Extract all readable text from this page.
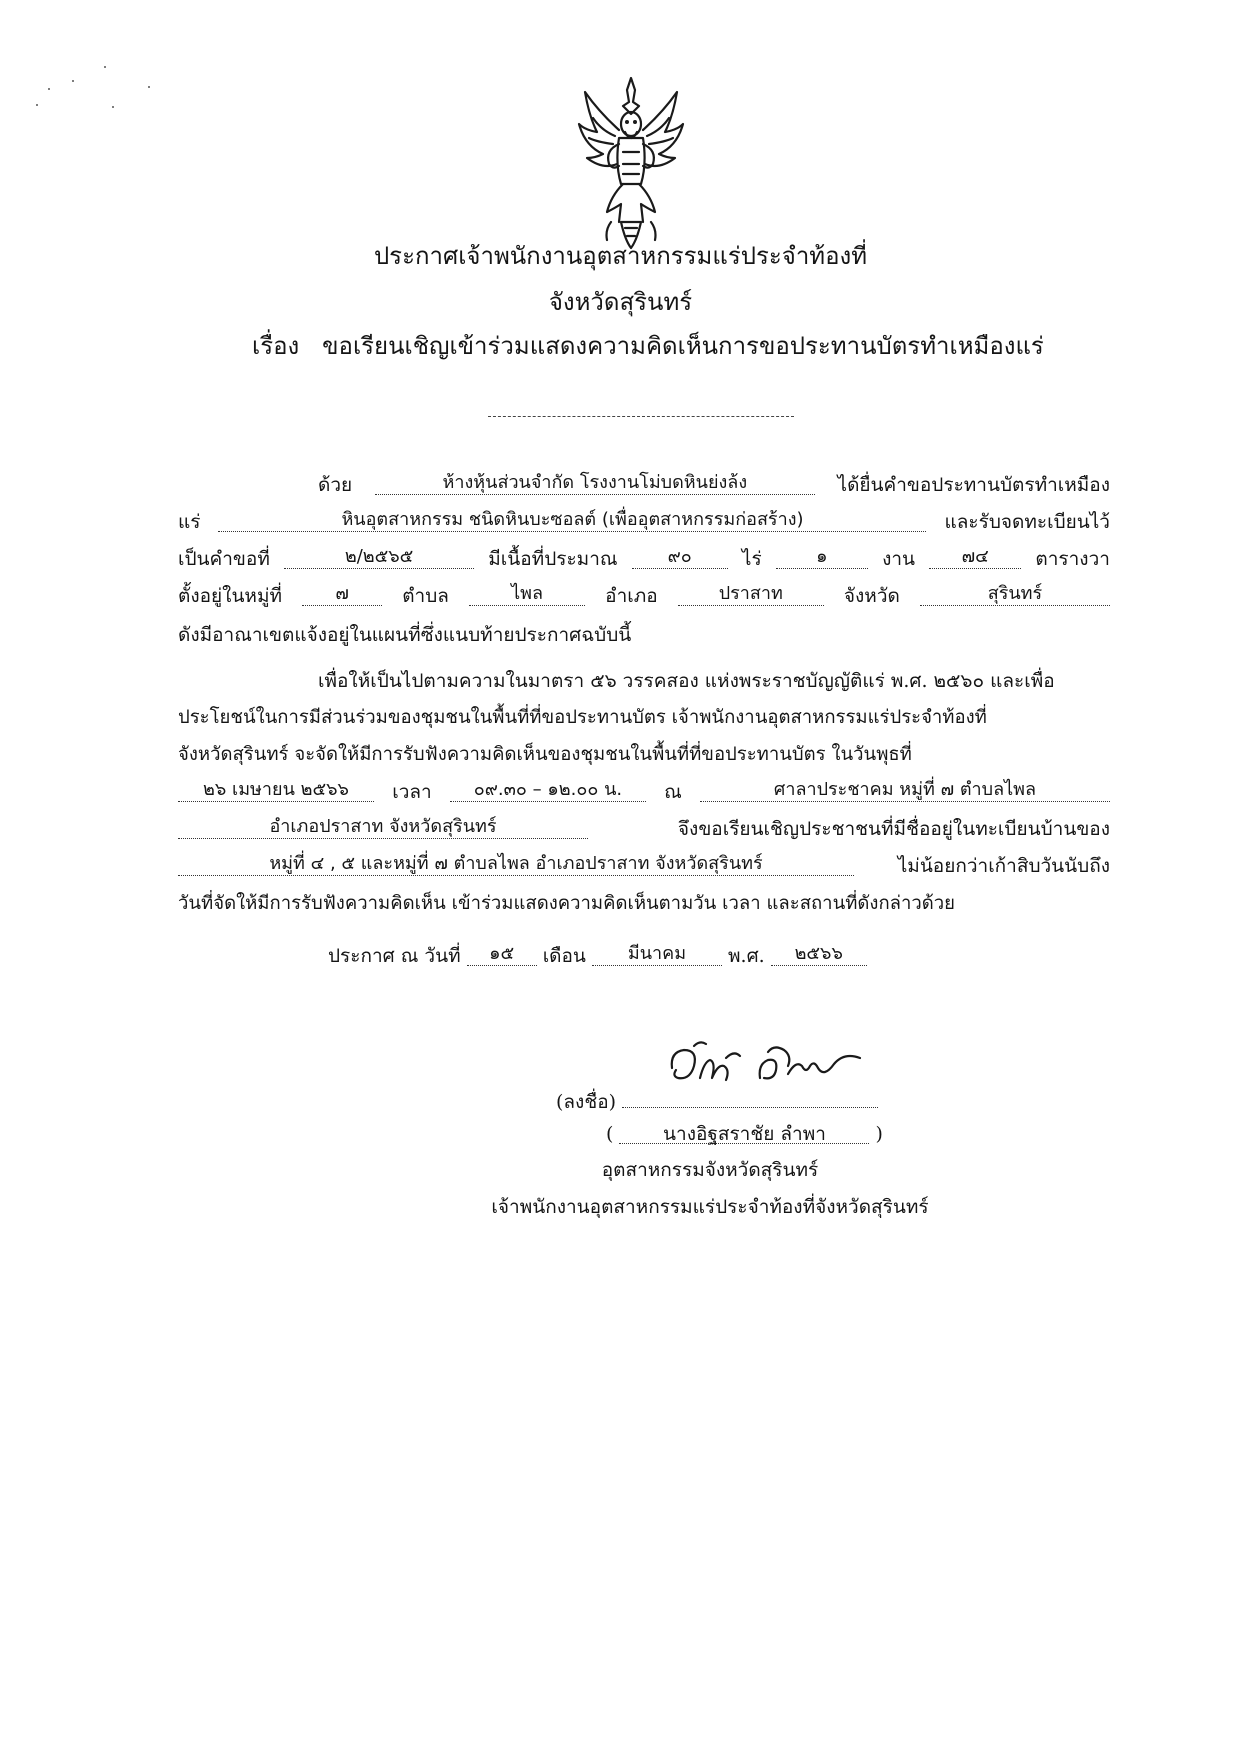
ประกาศเจ้าพนักงานอุตสาหกรรมแร่ประจำท้องที่
จังหวัดสุรินทร์
เรื่อง ขอเรียนเชิญเข้าร่วมแสดงความคิดเห็นการขอประทานบัตรทำเหมืองแร่
ด้วย	ห้างหุ้นส่วนจำกัด โรงงานโม่บดหินย่งล้ง	ได้ยื่นคำขอประทานบัตรทำเหมือง
แร่	หินอุตสาหกรรม ชนิดหินบะซอลต์ (เพื่ออุตสาหกรรมก่อสร้าง)	และรับจดทะเบียนไว้
เป็นคำขอที่	๒/๒๕๖๕	มีเนื้อที่ประมาณ	๙๐	ไร่	๑	งาน	๗๔	ตารางวา
ตั้งอยู่ในหมู่ที่	๗	ตำบล	ไพล	อำเภอ	ปราสาท	จังหวัด	สุรินทร์
ดังมีอาณาเขตแจ้งอยู่ในแผนที่ซึ่งแนบท้ายประกาศฉบับนี้
เพื่อให้เป็นไปตามความในมาตรา ๕๖ วรรคสอง แห่งพระราชบัญญัติแร่ พ.ศ. ๒๕๖๐ และเพื่อ
ประโยชน์ในการมีส่วนร่วมของชุมชนในพื้นที่ที่ขอประทานบัตร เจ้าพนักงานอุตสาหกรรมแร่ประจำท้องที่
จังหวัดสุรินทร์ จะจัดให้มีการรับฟังความคิดเห็นของชุมชนในพื้นที่ที่ขอประทานบัตร ในวันพุธที่
๒๖ เมษายน ๒๕๖๖	เวลา	๐๙.๓๐ – ๑๒.๐๐ น.	ณ	ศาลาประชาคม หมู่ที่ ๗ ตำบลไพล
อำเภอปราสาท จังหวัดสุรินทร์	จึงขอเรียนเชิญประชาชนที่มีชื่ออยู่ในทะเบียนบ้านของ
หมู่ที่ ๔ , ๕ และหมู่ที่ ๗ ตำบลไพล อำเภอปราสาท จังหวัดสุรินทร์	ไม่น้อยกว่าเก้าสิบวันนับถึง
วันที่จัดให้มีการรับฟังความคิดเห็น เข้าร่วมแสดงความคิดเห็นตามวัน เวลา และสถานที่ดังกล่าวด้วย
ประกาศ ณ วันที่ ๑๕ เดือน มีนาคม พ.ศ. ๒๕๖๖
(ลงชื่อ)
(	นางอิฐสราชัย ลำพา	)
อุตสาหกรรมจังหวัดสุรินทร์
เจ้าพนักงานอุตสาหกรรมแร่ประจำท้องที่จังหวัดสุรินทร์
